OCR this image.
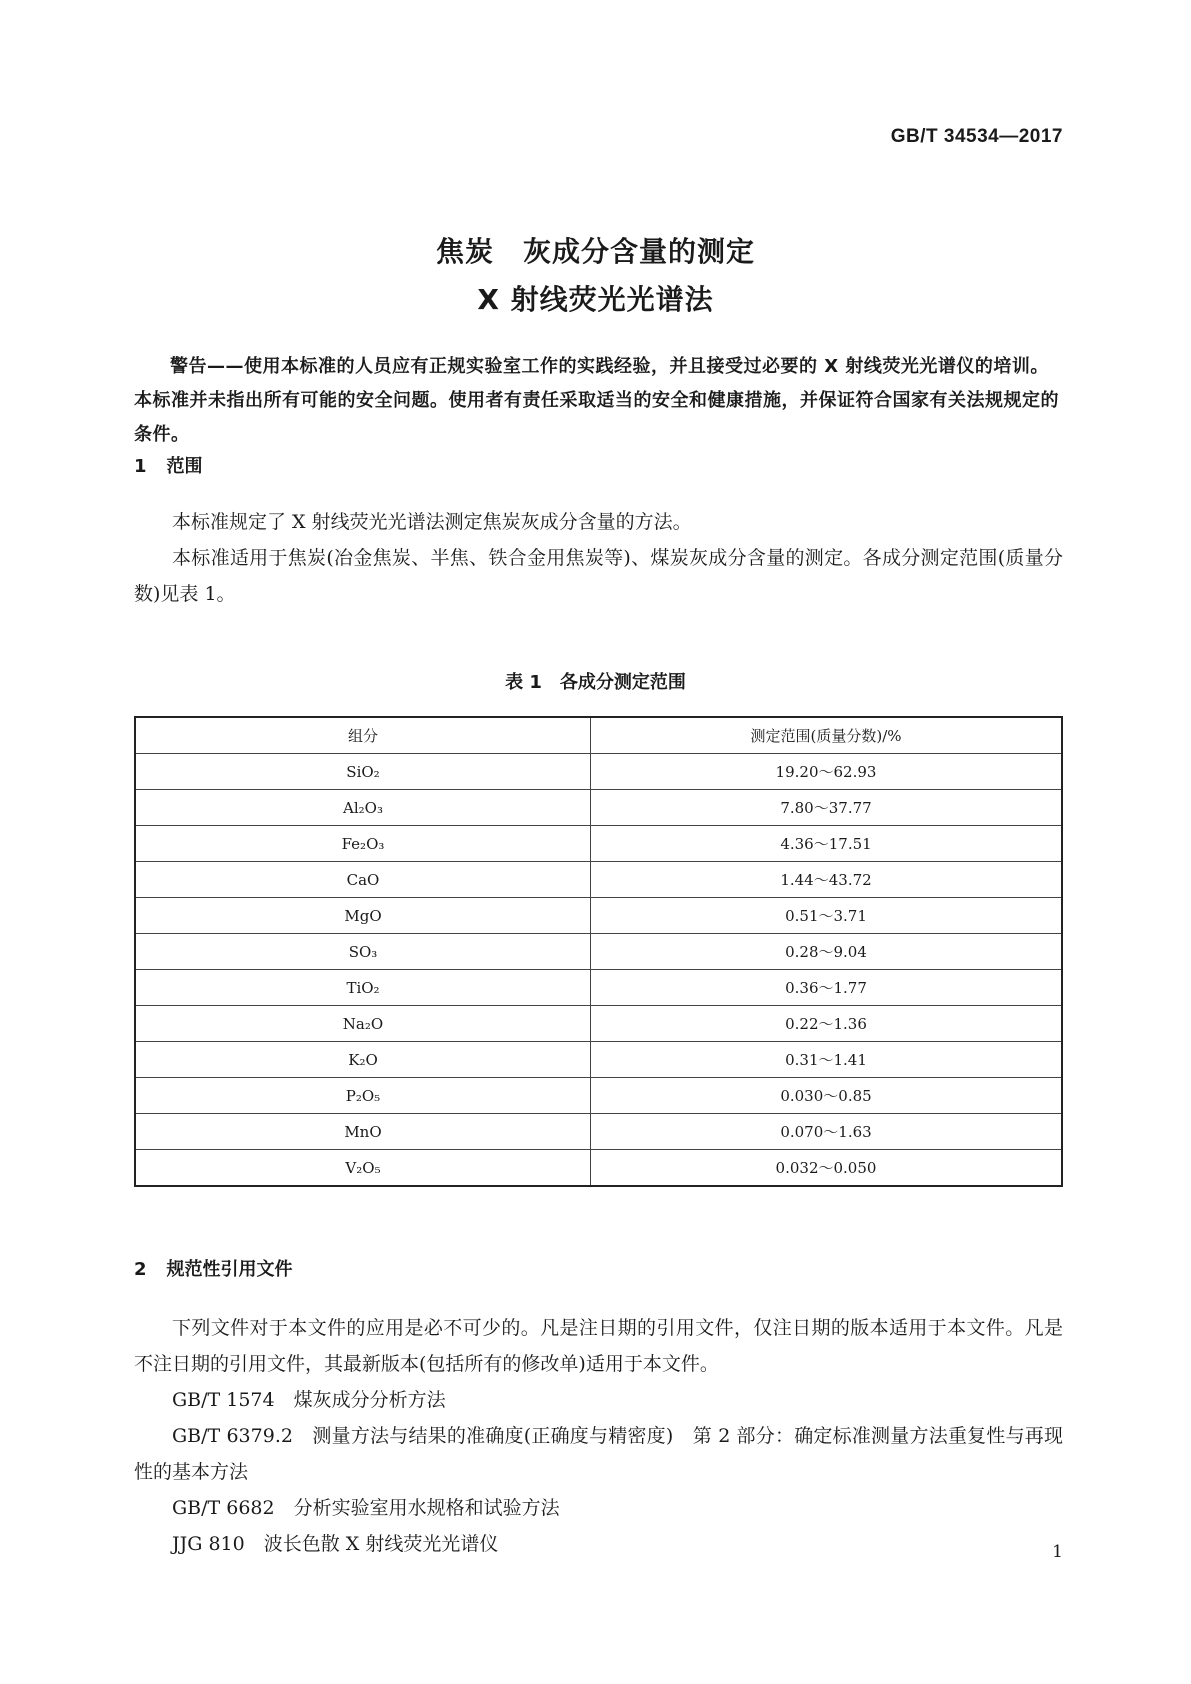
GB/T 34534—2017
焦炭　灰成分含量的测定
X 射线荧光光谱法
警告——使用本标准的人员应有正规实验室工作的实践经验，并且接受过必要的 X 射线荧光光谱仪的培训。本标准并未指出所有可能的安全问题。使用者有责任采取适当的安全和健康措施，并保证符合国家有关法规规定的条件。
1 范围

本标准规定了 X 射线荧光光谱法测定焦炭灰成分含量的方法。

本标准适用于焦炭(冶金焦炭、半焦、铁合金用焦炭等)、煤炭灰成分含量的测定。各成分测定范围(质量分数)见表 1。

表 1 各成分测定范围
组分	测定范围(质量分数)/%
SiO₂	19.20～62.93
Al₂O₃	7.80～37.77
Fe₂O₃	4.36～17.51
CaO	1.44～43.72
MgO	0.51～3.71
SO₃	0.28～9.04
TiO₂	0.36～1.77
Na₂O	0.22～1.36
K₂O	0.31～1.41
P₂O₅	0.030～0.85
MnO	0.070～1.63
V₂O₅	0.032～0.050
2 规范性引用文件

下列文件对于本文件的应用是必不可少的。凡是注日期的引用文件，仅注日期的版本适用于本文件。凡是不注日期的引用文件，其最新版本(包括所有的修改单)适用于本文件。

GB/T 1574　煤灰成分分析方法

GB/T 6379.2　测量方法与结果的准确度(正确度与精密度)　第 2 部分：确定标准测量方法重复性与再现性的基本方法

GB/T 6682　分析实验室用水规格和试验方法

JJG 810　波长色散 X 射线荧光光谱仪	1
